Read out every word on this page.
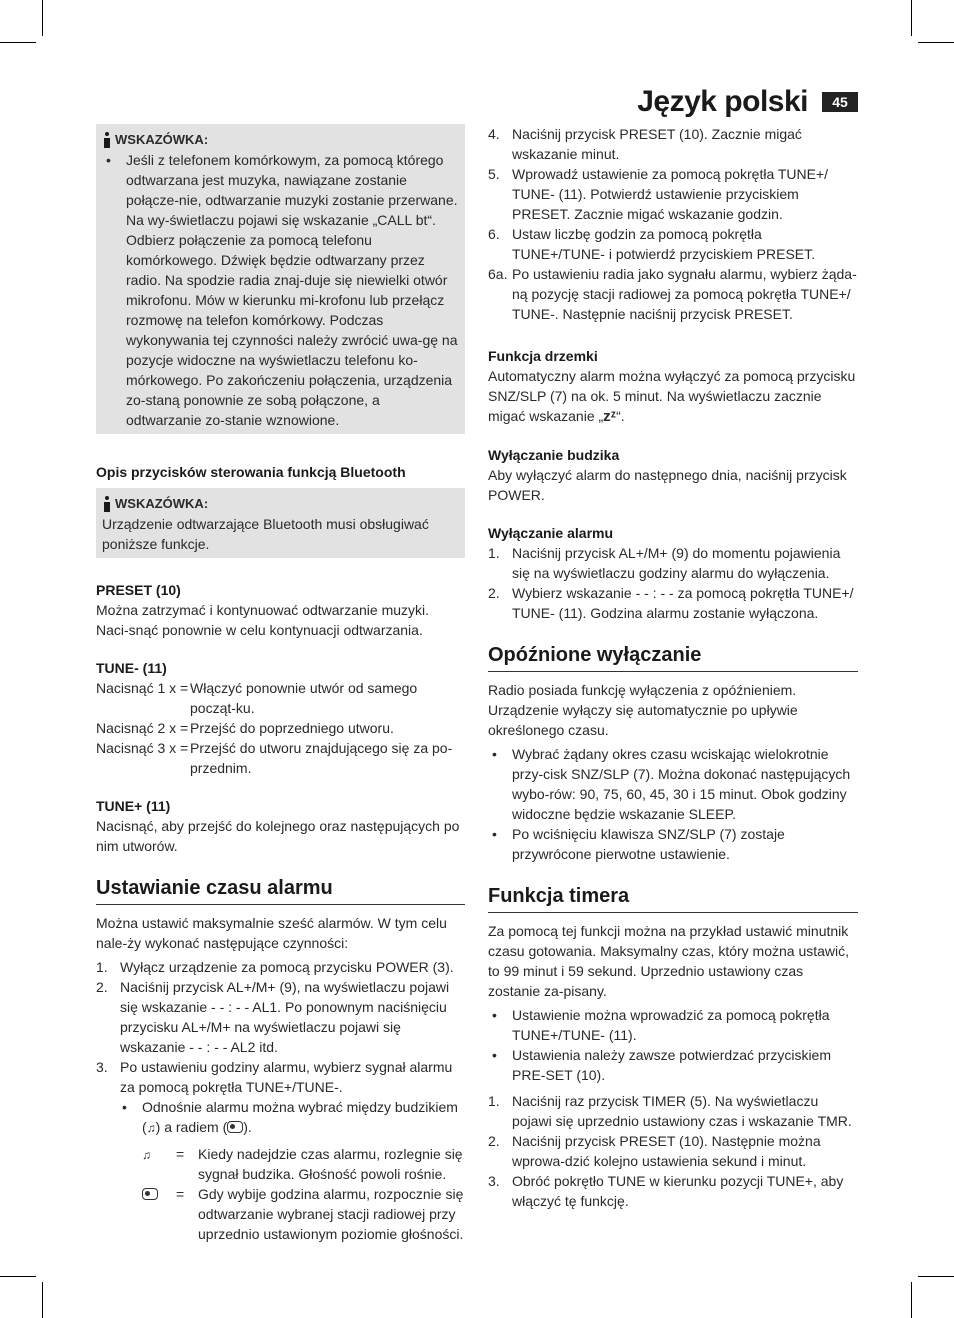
Język polski	45
WSKAZÓWKA:
• Jeśli z telefonem komórkowym, za pomocą którego odtwarzana jest muzyka, nawiązane zostanie połącze-nie, odtwarzanie muzyki zostanie przerwane. Na wy-świetlaczu pojawi się wskazanie „CALL bt“. Odbierz połączenie za pomocą telefonu komórkowego. Dźwięk będzie odtwarzany przez radio. Na spodzie radia znaj-duje się niewielki otwór mikrofonu. Mów w kierunku mi-krofonu lub przełącz rozmowę na telefon komórkowy. Podczas wykonywania tej czynności należy zwrócić uwa-gę na pozycje widoczne na wyświetlaczu telefonu ko-mórkowego. Po zakończeniu połączenia, urządzenia zo-staną ponownie ze sobą połączone, a odtwarzanie zo-stanie wznowione.
Opis przycisków sterowania funkcją Bluetooth
WSKAZÓWKA:

Urządzenie odtwarzające Bluetooth musi obsługiwać poniższe funkcje.

PRESET (10)

Można zatrzymać i kontynuować odtwarzanie muzyki. Naci-snąć ponownie w celu kontynuacji odtwarzania.

TUNE- (11)
Nacisnąć 1 x = Włączyć ponownie utwór od samego począt-ku.
Nacisnąć 2 x = Przejść do poprzedniego utworu.
Nacisnąć 3 x = Przejść do utworu znajdującego się za po-przednim.
TUNE+ (11)

Nacisnąć, aby przejść do kolejnego oraz następujących po nim utworów.

Ustawianie czasu alarmu

Można ustawić maksymalnie sześć alarmów. W tym celu nale-ży wykonać następujące czynności:

1. Wyłącz urządzenie za pomocą przycisku POWER (3).
2. Naciśnij przycisk AL+/M+ (9), na wyświetlaczu pojawi się wskazanie - - : - - AL1. Po ponownym naciśnięciu przycisku AL+/M+ na wyświetlaczu pojawi się wskazanie - - : - - AL2 itd.
3. Po ustawieniu godziny alarmu, wybierz sygnał alarmu za pomocą pokrętła TUNE+/TUNE-.
• Odnośnie alarmu można wybrać między budzikiem (♫) a radiem ( ).
♫	= Kiedy nadejdzie czas alarmu, rozlegnie się sygnał budzika. Głośność powoli rośnie.
= Gdy wybije godzina alarmu, rozpocznie się odtwarzanie wybranej stacji radiowej przy uprzednio ustawionym poziomie głośności.
4. Naciśnij przycisk PRESET (10). Zacznie migać wskazanie minut.
5. Wprowadź ustawienie za pomocą pokrętła TUNE+/ TUNE- (11). Potwierdź ustawienie przyciskiem PRESET. Zacznie migać wskazanie godzin.
6. Ustaw liczbę godzin za pomocą pokrętła TUNE+/TUNE- i potwierdź przyciskiem PRESET.
6a. Po ustawieniu radia jako sygnału alarmu, wybierz żąda-ną pozycję stacji radiowej za pomocą pokrętła TUNE+/ TUNE-. Następnie naciśnij przycisk PRESET.
Funkcja drzemki

Automatyczny alarm można wyłączyć za pomocą przycisku SNZ/SLP (7) na ok. 5 minut. Na wyświetlaczu zacznie migać wskazanie „zᶻ“.

Wyłączanie budzika

Aby wyłączyć alarm do następnego dnia, naciśnij przycisk POWER.

Wyłączanie alarmu
1. Naciśnij przycisk AL+/M+ (9) do momentu pojawienia się na wyświetlaczu godziny alarmu do wyłączenia.
2. Wybierz wskazanie - - : - - za pomocą pokrętła TUNE+/ TUNE- (11). Godzina alarmu zostanie wyłączona.
Opóźnione wyłączanie

Radio posiada funkcję wyłączenia z opóźnieniem. Urządzenie wyłączy się automatycznie po upływie określonego czasu.

• Wybrać żądany okres czasu wciskając wielokrotnie przy-cisk SNZ/SLP (7). Można dokonać następujących wybo-rów: 90, 75, 60, 45, 30 i 15 minut. Obok godziny widoczne będzie wskazanie SLEEP.
• Po wciśnięciu klawisza SNZ/SLP (7) zostaje przywrócone pierwotne ustawienie.
Funkcja timera

Za pomocą tej funkcji można na przykład ustawić minutnik czasu gotowania. Maksymalny czas, który można ustawić, to 99 minut i 59 sekund. Uprzednio ustawiony czas zostanie za-pisany.

• Ustawienie można wprowadzić za pomocą pokrętła TUNE+/TUNE- (11).
• Ustawienia należy zawsze potwierdzać przyciskiem PRE-SET (10).
1. Naciśnij raz przycisk TIMER (5). Na wyświetlaczu pojawi się uprzednio ustawiony czas i wskazanie TMR.
2. Naciśnij przycisk PRESET (10). Następnie można wprowa-dzić kolejno ustawienia sekund i minut.
3. Obróć pokrętło TUNE w kierunku pozycji TUNE+, aby włączyć tę funkcję.
